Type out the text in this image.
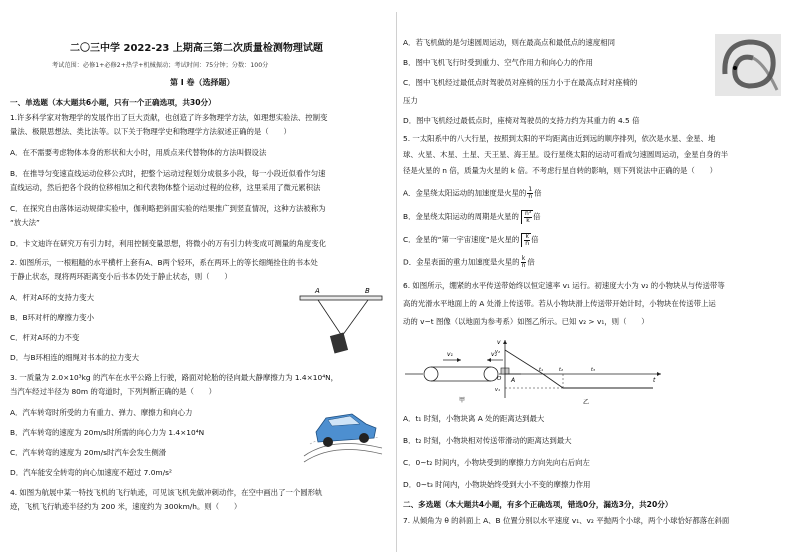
二〇三中学 2022-23 上期高三第二次质量检测物理试题
考试范围：必修1+必修2+热学+机械振动；考试时间：75分钟；分数：100分
第 I 卷（选择题）
一、单选题（本大题共6小题，只有一个正确选项，共30分）
1.许多科学家对物理学的发展作出了巨大贡献，也创造了许多物理学方法，如理想实验法、控制变
量法、极限思想法、类比法等。以下关于物理学史和物理学方法叙述正确的是（　　）
A．在不需要考虑物体本身的形状和大小时，用质点来代替物体的方法叫假设法
B．在推导匀变速直线运动位移公式时，把整个运动过程划分成很多小段，每一小段近似看作匀速
直线运动，然后把各个段的位移相加之和代表物体整个运动过程的位移，这里采用了微元累积法
C．在探究自由落体运动规律实验中，伽利略把斜面实验的结果推广到竖直情况，这种方法被称为
“放大法”
D．卡文迪许在研究万有引力时，利用控制变量思想，将微小的万有引力转变成可测量的角度变化
2. 如图所示，一根粗糙的水平横杆上套有A、B两个轻环，系在两环上的等长细绳拴住的书本处
于静止状态，现将两环距离变小后书本仍处于静止状态，则（　　）
A．杆对A环的支持力变大
B．B环对杆的摩擦力变小
C．杆对A环的力不变
D．与B环相连的细绳对书本的拉力变大
A	B
3. 一质量为 2.0×10³kg 的汽车在水平公路上行驶，路面对轮胎的径向最大静摩擦力为 1.4×10⁴N，
当汽车经过半径为 80m 的弯道时，下列判断正确的是（　　）
A．汽车转弯时所受的力有重力、弹力、摩擦力和向心力
B．汽车转弯的速度为 20m/s时所需的向心力为 1.4×10⁴N
C．汽车转弯的速度为 20m/s时汽车会发生侧滑
D．汽车能安全转弯的向心加速度不超过 7.0m/s²
4. 如图为航展中某一特技飞机的飞行轨迹，可见该飞机先做冲刺动作，在空中画出了一个圆形轨
迹，飞机飞行轨迹半径约为 200 米，速度约为 300km/h。则（　　）
A．若飞机做的是匀速圆周运动，则在最高点和最低点的速度相同
B．图中飞机飞行时受到重力、空气作用力和向心力的作用
C．图中飞机经过最低点时驾驶员对座椅的压力小于在最高点时对座椅的
压力
D．图中飞机经过最低点时，座椅对驾驶员的支持力约为其重力的 4.5 倍
5. 一太阳系中的八大行星，按照到太阳的平均距离由近到远的顺序排列，依次是水星、金星、地
球、火星、木星、土星、天王星、海王星。设行星绕太阳的运动可看成匀速圆周运动，金星自身的半
径是火星的 n 倍，质量为火星的 k 倍。不考虑行星自转的影响，则下列说法中正确的是（　　）
A．金星绕太阳运动的加速度是火星的 $\frac{1}{n}$ 倍
B．金星绕太阳运动的周期是火星的 $\frac{\text{n³}}{k}$ 倍
C．金星的“第一宇宙速度”是火星的 $\frac{k}{n}$ 倍
D．金星表面的重力加速度是火星的 $\frac{k}{n}$ 倍
6. 如图所示，绷紧的水平传送带始终以恒定速率 v₁ 运行。初速度大小为 v₂ 的小物块从与传送带等
高的光滑水平地面上的 A 处滑上传送带。若从小物块滑上传送带开始计时，小物块在传送带上运
动的 v−t 图像（以地面为参考系）如图乙所示。已知 v₂ > v₁，则（　　）
v₁	v₂
A
甲
v
v₂
v₁
O
t₁	t₂	t₃
t
乙
A．t₁ 时刻，小物块离 A 处的距离达到最大
B．t₂ 时刻，小物块相对传送带滑动的距离达到最大
C．0~t₂ 时间内，小物块受到的摩擦力方向先向右后向左
D．0~t₃ 时间内，小物块始终受到大小不变的摩擦力作用
二、多选题（本大题共4小题，有多个正确选项，错选0分，漏选3分，共20分）
7. 从倾角为 θ 的斜面上 A、B 位置分别以水平速度 v₁、v₂ 平抛两个小球，两个小球恰好都落在斜面
